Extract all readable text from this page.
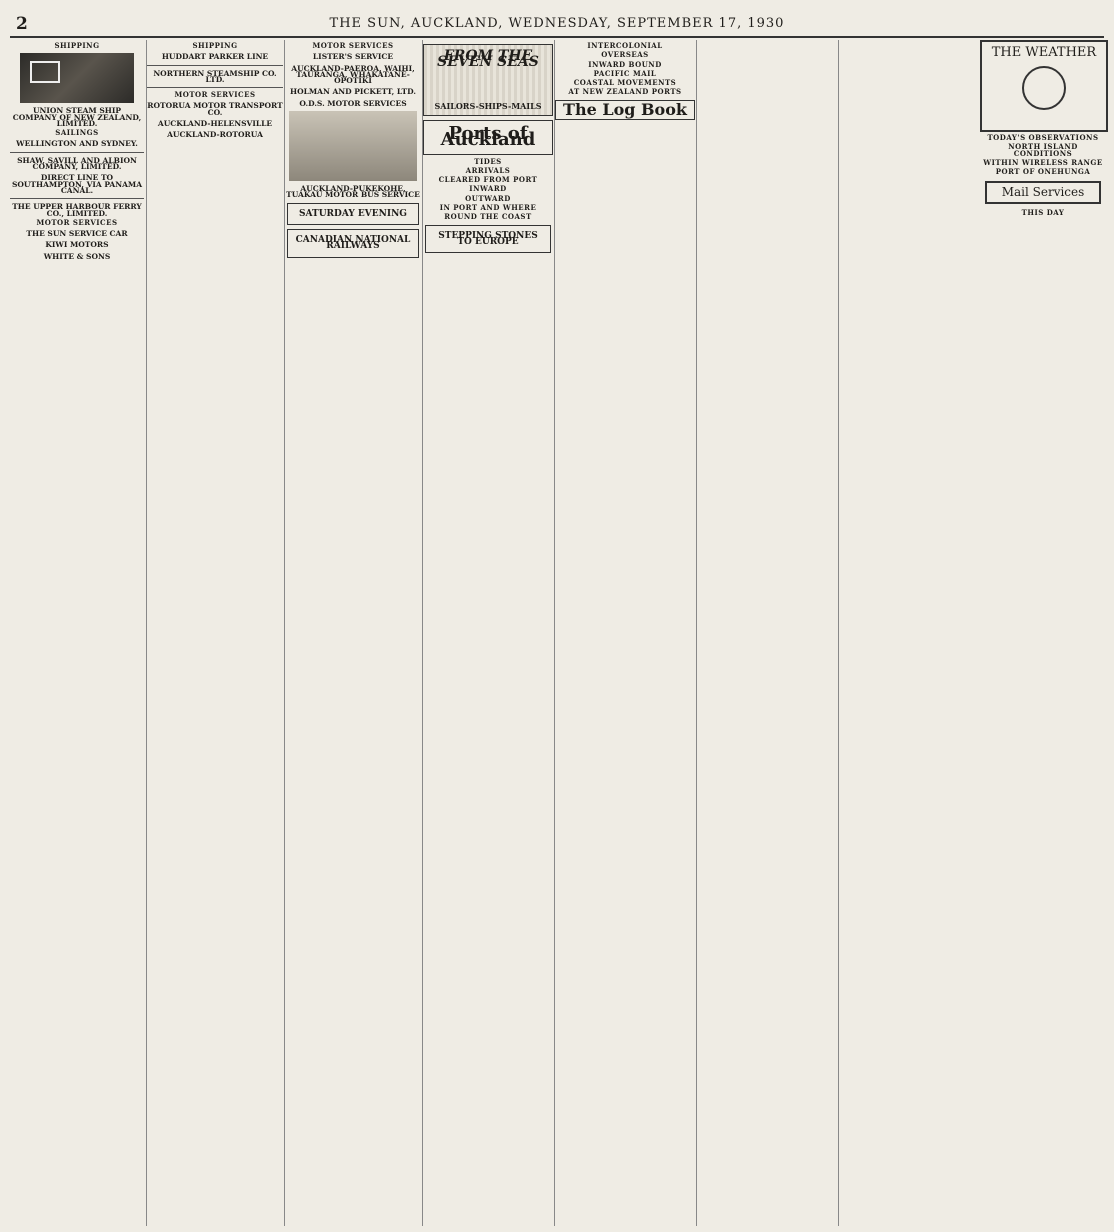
2	THE SUN, AUCKLAND, WEDNESDAY, SEPTEMBER 17, 1930
SHIPPING
UNION STEAM SHIP COMPANY OF NEW ZEALAND, LIMITED.
SAILINGS
WELLINGTON AND SYDNEY.
SHAW, SAVILL AND ALBION COMPANY, LIMITED.
DIRECT LINE TO SOUTHAMPTON, VIA PANAMA CANAL.
THE UPPER HARBOUR FERRY CO., LIMITED.
MOTOR SERVICES
THE SUN SERVICE CAR
KIWI MOTORS
WHITE & SONS
SHIPPING
HUDDART PARKER LINE
NORTHERN STEAMSHIP CO. LTD.
MOTOR SERVICES
ROTORUA MOTOR TRANSPORT CO.
AUCKLAND-HELENSVILLE
AUCKLAND-ROTORUA
MOTOR SERVICES
LISTER'S SERVICE
AUCKLAND-PAEROA, WAIHI, TAURANGA, WHAKATANE-OPOTIKI
HOLMAN AND PICKETT, LTD.
O.D.S. MOTOR SERVICES
AUCKLAND-PUKEKOHE, TUAKAU MOTOR BUS SERVICE
SATURDAY EVENING
CANADIAN NATIONAL RAILWAYS
FROM THE SEVEN SEAS
SAILORS-SHIPS-MAILS
Ports of Auckland
TIDES
ARRIVALS
CLEARED FROM PORT
INWARD
OUTWARD
IN PORT AND WHERE
ROUND THE COAST
STEPPING STONES TO EUROPE
INTERCOLONIAL
OVERSEAS
INWARD BOUND
PACIFIC MAIL
COASTAL MOVEMENTS
AT NEW ZEALAND PORTS
The Log Book
TODAY'S OBSERVATIONS
NORTH ISLAND CONDITIONS
WITHIN WIRELESS RANGE
PORT OF ONEHUNGA
Mail Services
THIS DAY
THE WEATHER
